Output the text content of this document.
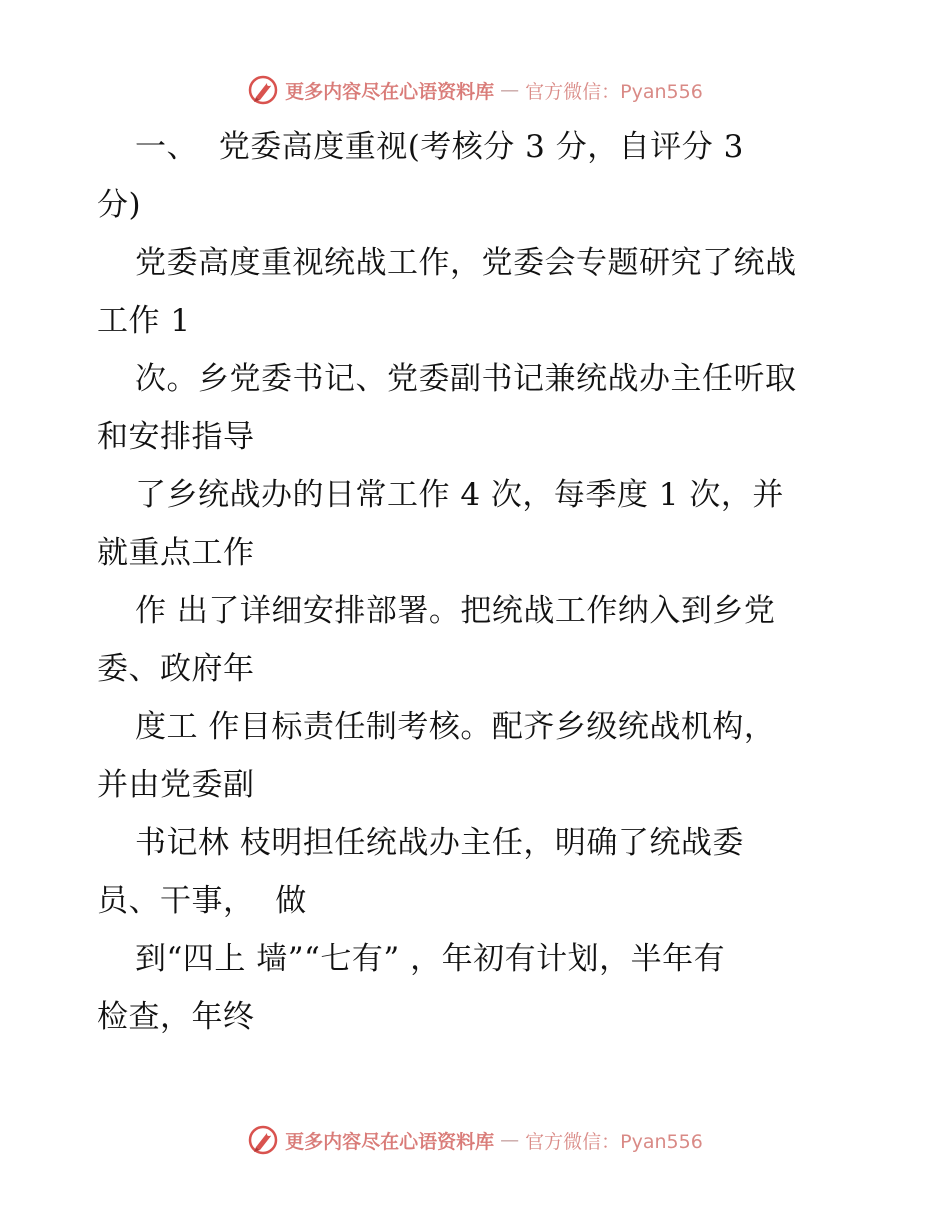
更多内容尽在心语资料库 — 官方微信：Pyan556
一、  党委高度重视(考核分 3 分，自评分 3
分)
党委高度重视统战工作，党委会专题研究了统战
工作 1
次。乡党委书记、党委副书记兼统战办主任听取
和安排指导
了乡统战办的日常工作 4 次，每季度 1 次，并
就重点工作
作 出了详细安排部署。把统战工作纳入到乡党
委、政府年
度工 作目标责任制考核。配齐乡级统战机构，
并由党委副
书记林 枝明担任统战办主任，明确了统战委
员、干事，  做
到“四上 墙”“七有” ，年初有计划，半年有
检查，年终
更多内容尽在心语资料库 — 官方微信：Pyan556
